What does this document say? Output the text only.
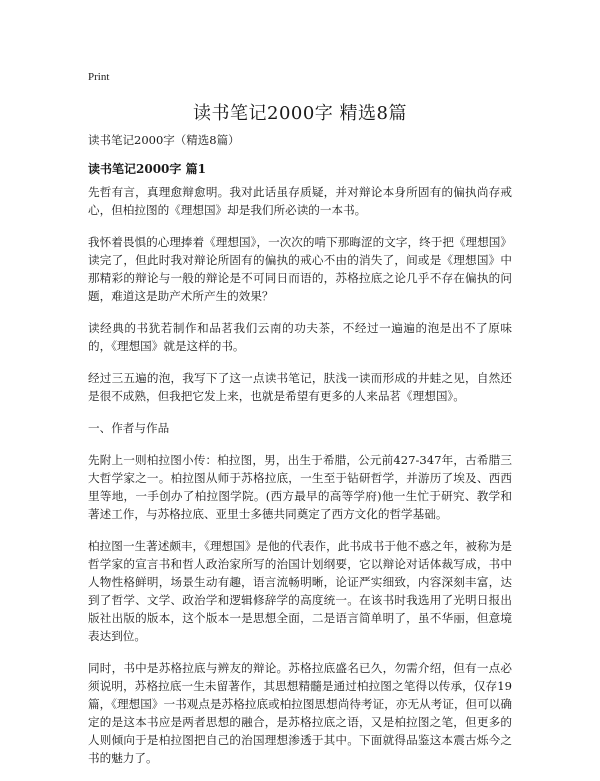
Print
读书笔记2000字 精选8篇
读书笔记2000字（精选8篇）
读书笔记2000字 篇1

先哲有言，真理愈辩愈明。我对此话虽存质疑，并对辩论本身所固有的偏执尚存戒心，但柏拉图的《理想国》却是我们所必读的一本书。

我怀着畏惧的心理捧着《理想国》，一次次的啃下那晦涩的文字，终于把《理想国》读完了，但此时我对辩论所固有的偏执的戒心不由的消失了，间或是《理想国》中那精彩的辩论与一般的辩论是不可同日而语的，苏格拉底之论几乎不存在偏执的问题，难道这是助产术所产生的效果？

读经典的书犹若制作和品茗我们云南的功夫茶，不经过一遍遍的泡是出不了原味的，《理想国》就是这样的书。

经过三五遍的泡，我写下了这一点读书笔记，肤浅一读而形成的井蛙之见，自然还是很不成熟，但我把它发上来，也就是希望有更多的人来品茗《理想国》。

一、作者与作品

先附上一则柏拉图小传：柏拉图，男，出生于希腊，公元前427-347年，古希腊三大哲学家之一。柏拉图从师于苏格拉底，一生至于钻研哲学，并游历了埃及、西西里等地，一手创办了柏拉图学院。(西方最早的高等学府)他一生忙于研究、教学和著述工作，与苏格拉底、亚里士多德共同奠定了西方文化的哲学基础。

柏拉图一生著述颇丰，《理想国》是他的代表作，此书成书于他不惑之年，被称为是哲学家的宣言书和哲人政治家所写的治国计划纲要，它以辩论对话体裁写成，书中人物性格鲜明，场景生动有趣，语言流畅明晰，论证严实细致，内容深刻丰富，达到了哲学、文学、政治学和逻辑修辞学的高度统一。在该书时我选用了光明日报出版社出版的版本，这个版本一是思想全面，二是语言简单明了，虽不华丽，但意境表达到位。

同时，书中是苏格拉底与辨友的辩论。苏格拉底盛名已久，勿需介绍，但有一点必须说明，苏格拉底一生未留著作，其思想精髓是通过柏拉图之笔得以传承，仅存19篇，《理想国》一书观点是苏格拉底或柏拉图思想尚待考证，亦无从考证，但可以确定的是这本书应是两者思想的融合，是苏格拉底之语，又是柏拉图之笔，但更多的人则倾向于是柏拉图把自己的治国理想渗透于其中。下面就得品鉴这本震古烁今之书的魅力了。
